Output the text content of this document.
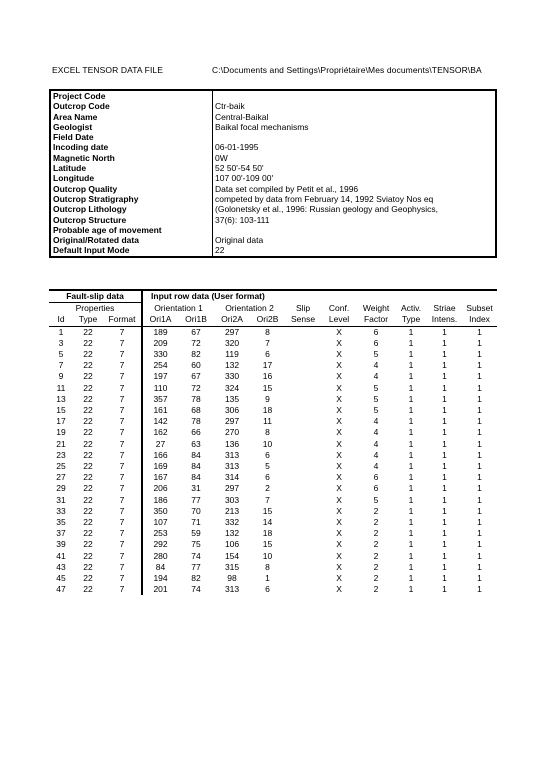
EXCEL TENSOR DATA FILE	C:\Documents and Settings\Propriétaire\Mes documents\TENSOR\BA
Project Code	
Outcrop Code	Ctr-baik
Area Name	Central-Baikal
Geologist	Baikal focal mechanisms
Field Date	
Incoding date	06-01-1995
Magnetic North	0W
Latitude	52 50'-54 50'
Longitude	107 00'-109 00'
Outcrop Quality	Data set compiled by Petit et al., 1996
Outcrop Stratigraphy	competed by data from February 14, 1992 Sviatoy Nos eq
Outcrop Lithology	(Golonetsky et al., 1996: Russian geology and Geophysics,
Outcrop Structure	37(6): 103-111
Probable age of movement	
Original/Rotated data	Original data
Default Input Mode	22
Fault-slip data			Input row data (User format)									
Properties			Orientation 1		Orientation 2		Slip	Conf.	Weight	Activ.	Striae	Subset
Id	Type	Format	Ori1A	Ori1B	Ori2A	Ori2B	Sense	Level	Factor	Type	Intens.	Index
1	22	7	189	67	297	8		X	6	1	1	1
3	22	7	209	72	320	7		X	6	1	1	1
5	22	7	330	82	119	6		X	5	1	1	1
7	22	7	254	60	132	17		X	4	1	1	1
9	22	7	197	67	330	16		X	4	1	1	1
11	22	7	110	72	324	15		X	5	1	1	1
13	22	7	357	78	135	9		X	5	1	1	1
15	22	7	161	68	306	18		X	5	1	1	1
17	22	7	142	78	297	11		X	4	1	1	1
19	22	7	162	66	270	8		X	4	1	1	1
21	22	7	27	63	136	10		X	4	1	1	1
23	22	7	166	84	313	6		X	4	1	1	1
25	22	7	169	84	313	5		X	4	1	1	1
27	22	7	167	84	314	6		X	6	1	1	1
29	22	7	206	31	297	2		X	6	1	1	1
31	22	7	186	77	303	7		X	5	1	1	1
33	22	7	350	70	213	15		X	2	1	1	1
35	22	7	107	71	332	14		X	2	1	1	1
37	22	7	253	59	132	18		X	2	1	1	1
39	22	7	292	75	106	15		X	2	1	1	1
41	22	7	280	74	154	10		X	2	1	1	1
43	22	7	84	77	315	8		X	2	1	1	1
45	22	7	194	82	98	1		X	2	1	1	1
47	22	7	201	74	313	6		X	2	1	1	1
